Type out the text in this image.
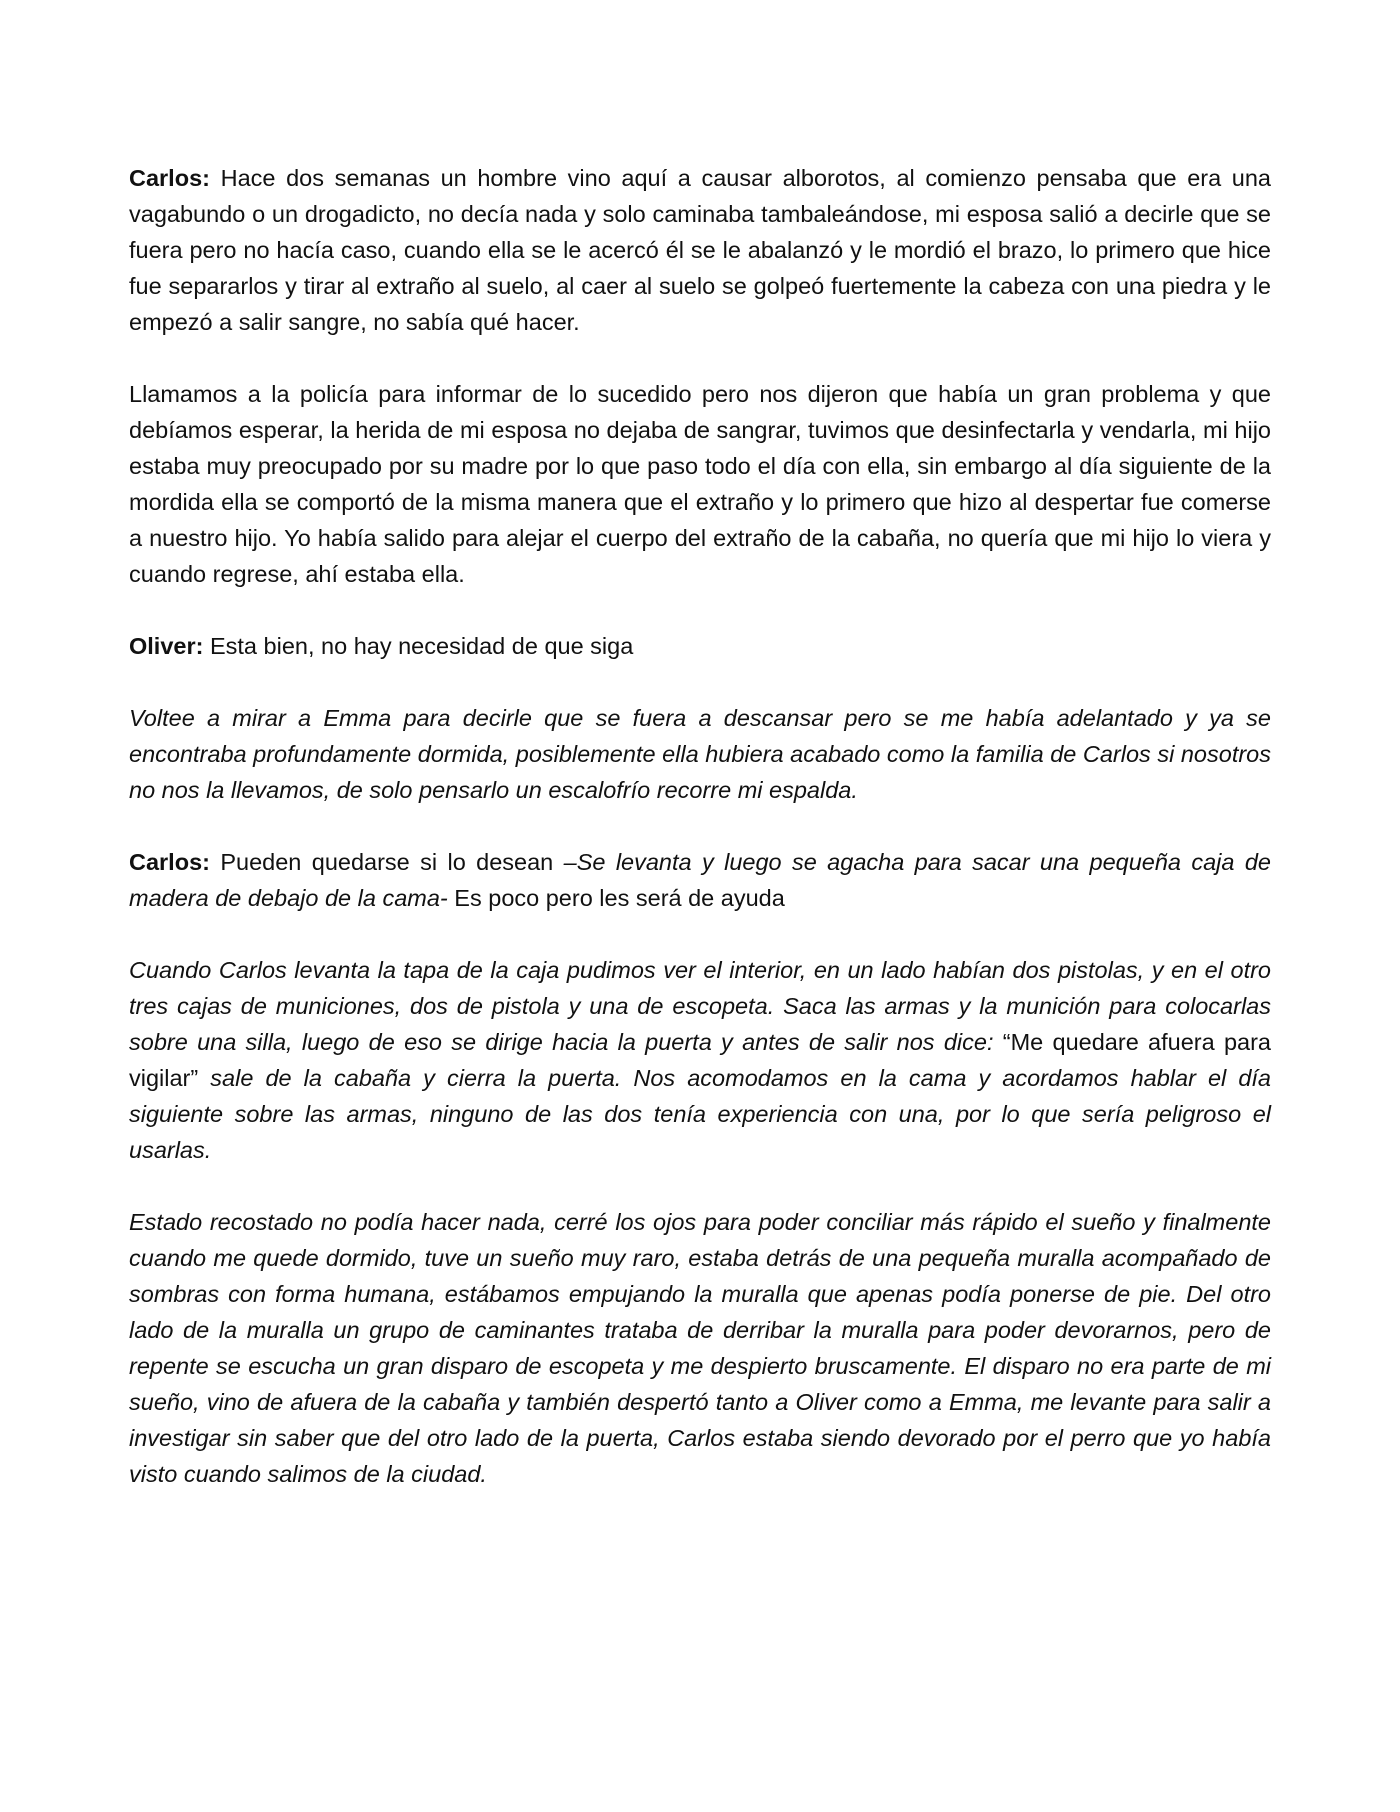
Carlos: Hace dos semanas un hombre vino aquí a causar alborotos, al comienzo pensaba que era una vagabundo o un drogadicto, no decía nada y solo caminaba tambaleándose, mi esposa salió a decirle que se fuera pero no hacía caso, cuando ella se le acercó él se le abalanzó y le mordió el brazo, lo primero que hice fue separarlos y tirar al extraño al suelo, al caer al suelo se golpeó fuertemente la cabeza con una piedra y le empezó a salir sangre, no sabía qué hacer.

Llamamos a la policía para informar de lo sucedido pero nos dijeron que había un gran problema y que debíamos esperar, la herida de mi esposa no dejaba de sangrar, tuvimos que desinfectarla y vendarla, mi hijo estaba muy preocupado por su madre por lo que paso todo el día con ella, sin embargo al día siguiente de la mordida ella se comportó de la misma manera que el extraño y lo primero que hizo al despertar fue comerse a nuestro hijo. Yo había salido para alejar el cuerpo del extraño de la cabaña, no quería que mi hijo lo viera y cuando regrese, ahí estaba ella.

Oliver: Esta bien, no hay necesidad de que siga

Voltee a mirar a Emma para decirle que se fuera a descansar pero se me había adelantado y ya se encontraba profundamente dormida, posiblemente ella hubiera acabado como la familia de Carlos si nosotros no nos la llevamos, de solo pensarlo un escalofrío recorre mi espalda.

Carlos: Pueden quedarse si lo desean –Se levanta y luego se agacha para sacar una pequeña caja de madera de debajo de la cama- Es poco pero les será de ayuda

Cuando Carlos levanta la tapa de la caja pudimos ver el interior, en un lado habían dos pistolas, y en el otro tres cajas de municiones, dos de pistola y una de escopeta. Saca las armas y la munición para colocarlas sobre una silla, luego de eso se dirige hacia la puerta y antes de salir nos dice: “Me quedare afuera para vigilar” sale de la cabaña y cierra la puerta. Nos acomodamos en la cama y acordamos hablar el día siguiente sobre las armas, ninguno de las dos tenía experiencia con una, por lo que sería peligroso el usarlas.

Estado recostado no podía hacer nada, cerré los ojos para poder conciliar más rápido el sueño y finalmente cuando me quede dormido, tuve un sueño muy raro, estaba detrás de una pequeña muralla acompañado de sombras con forma humana, estábamos empujando la muralla que apenas podía ponerse de pie. Del otro lado de la muralla un grupo de caminantes trataba de derribar la muralla para poder devorarnos, pero de repente se escucha un gran disparo de escopeta y me despierto bruscamente. El disparo no era parte de mi sueño, vino de afuera de la cabaña y también despertó tanto a Oliver como a Emma, me levante para salir a investigar sin saber que del otro lado de la puerta, Carlos estaba siendo devorado por el perro que yo había visto cuando salimos de la ciudad.
